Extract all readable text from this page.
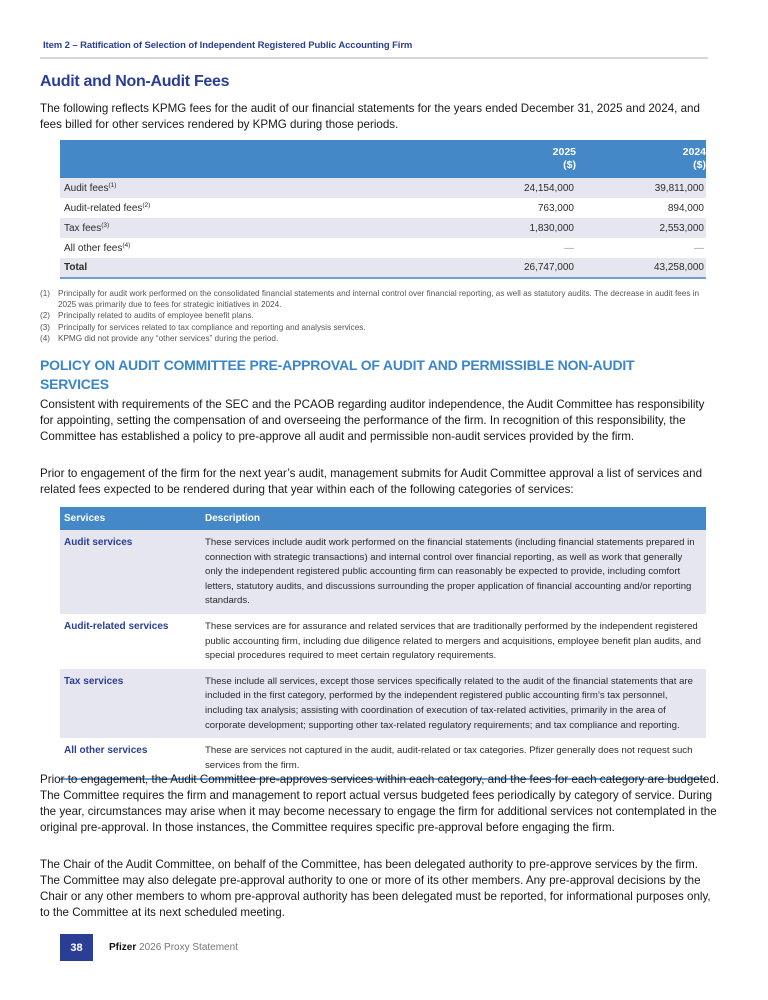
Item 2 – Ratification of Selection of Independent Registered Public Accounting Firm
Audit and Non-Audit Fees

The following reflects KPMG fees for the audit of our financial statements for the years ended December 31, 2025 and 2024, and fees billed for other services rendered by KPMG during those periods.

2025
($)

2024
($)

Audit fees$^{(1)}$	24,154,000	39,811,000
Audit-related fees$^{(2)}$	763,000	894,000
Tax fees$^{(3)}$	1,830,000	2,553,000
All other fees$^{(4)}$	—	—
Total	26,747,000	43,258,000
(1) Principally for audit work performed on the consolidated financial statements and internal control over financial reporting, as well as statutory audits. The decrease in audit fees in 2025 was primarily due to fees for strategic initiatives in 2024.
(2) Principally related to audits of employee benefit plans.
(3) Principally for services related to tax compliance and reporting and analysis services.
(4) KPMG did not provide any “other services” during the period.
POLICY ON AUDIT COMMITTEE PRE-APPROVAL OF AUDIT AND PERMISSIBLE NON-AUDIT SERVICES

Consistent with requirements of the SEC and the PCAOB regarding auditor independence, the Audit Committee has responsibility for appointing, setting the compensation of and overseeing the performance of the firm. In recognition of this responsibility, the Committee has established a policy to pre-approve all audit and permissible non-audit services provided by the firm.

Prior to engagement of the firm for the next year’s audit, management submits for Audit Committee approval a list of services and related fees expected to be rendered during that year within each of the following categories of services:

Services	Description
Audit services	These services include audit work performed on the financial statements (including financial statements prepared in connection with strategic transactions) and internal control over financial reporting, as well as work that generally only the independent registered public accounting firm can reasonably be expected to provide, including comfort letters, statutory audits, and discussions surrounding the proper application of financial accounting and/or reporting standards.
Audit-related services	These services are for assurance and related services that are traditionally performed by the independent registered public accounting firm, including due diligence related to mergers and acquisitions, employee benefit plan audits, and special procedures required to meet certain regulatory requirements.
Tax services	These include all services, except those services specifically related to the audit of the financial statements that are included in the first category, performed by the independent registered public accounting firm’s tax personnel, including tax analysis; assisting with coordination of execution of tax-related activities, primarily in the area of corporate development; supporting other tax-related regulatory requirements; and tax compliance and reporting.
All other services	These are services not captured in the audit, audit-related or tax categories. Pfizer generally does not request such services from the firm.

Prior to engagement, the Audit Committee pre-approves services within each category, and the fees for each category are budgeted. The Committee requires the firm and management to report actual versus budgeted fees periodically by category of service. During the year, circumstances may arise when it may become necessary to engage the firm for additional services not contemplated in the original pre-approval. In those instances, the Committee requires specific pre-approval before engaging the firm.

The Chair of the Audit Committee, on behalf of the Committee, has been delegated authority to pre-approve services by the firm. The Committee may also delegate pre-approval authority to one or more of its other members. Any pre-approval decisions by the Chair or any other members to whom pre-approval authority has been delegated must be reported, for informational purposes only, to the Committee at its next scheduled meeting.

38	Pfizer 2026 Proxy Statement
